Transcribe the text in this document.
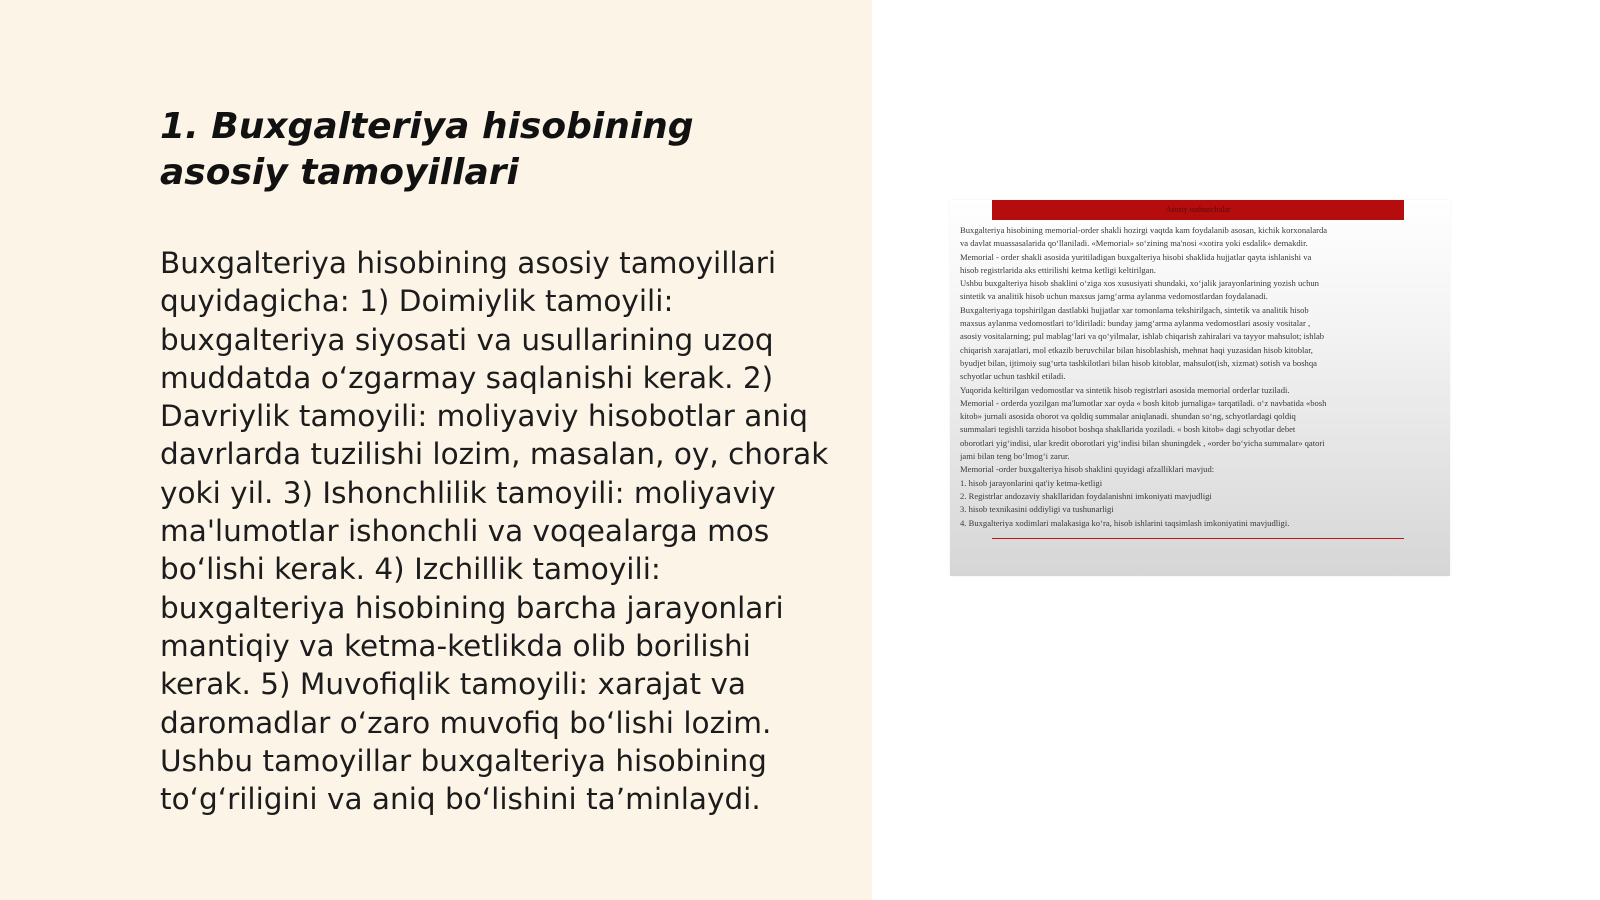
1. Buxgalteriya hisobining asosiy tamoyillari

Buxgalteriya hisobining asosiy tamoyillari quyidagicha: 1) Doimiylik tamoyili: buxgalteriya siyosati va usullarining uzoq muddatda o‘zgarmay saqlanishi kerak. 2) Davriylik tamoyili: moliyaviy hisobotlar aniq davrlarda tuzilishi lozim, masalan, oy, chorak yoki yil. 3) Ishonchlilik tamoyili: moliyaviy ma'lumotlar ishonchli va voqealarga mos bo‘lishi kerak. 4) Izchillik tamoyili: buxgalteriya hisobining barcha jarayonlari mantiqiy va ketma-ketlikda olib borilishi kerak. 5) Muvofiqlik tamoyili: xarajat va daromadlar o‘zaro muvofiq bo‘lishi lozim. Ushbu tamoyillar buxgalteriya hisobining to‘g‘riligini va aniq bo‘lishini ta’minlaydi.

Asosiy tushunchalar
Buxgalteriya hisobining memorial-order shakli hozirgi vaqtda kam foydalanib asosan, kichik korxonalarda
va davlat muassasalarida qo‘llaniladi. «Memorial» so‘zining ma'nosi «xotira yoki esdalik» demakdir.
Memorial - order shakli asosida yuritiladigan buxgalteriya hisobi shaklida hujjatlar qayta ishlanishi va
hisob registrlarida aks ettirilishi ketma ketligi keltirilgan.
Ushbu buxgalteriya hisob shaklini o‘ziga xos xususiyati shundaki, xo‘jalik jarayonlarining yozish uchun
sintetik va analitik hisob uchun maxsus jamg‘arma aylanma vedomostlardan foydalanadi.
Buxgalteriyaga topshirilgan dastlabki hujjatlar xar tomonlama tekshirilgach, sintetik va analitik hisob
maxsus aylanma vedomostlari to‘ldiriladi: bunday jamg‘arma aylanma vedomostlari asosiy vositalar ,
asosiy vositalarning; pul mablag‘lari va qo‘yilmalar, ishlab chiqarish zahiralari va tayyor mahsulot; ishlab
chiqarish xarajatlari, mol etkazib beruvchilar bilan hisoblashish, mehnat haqi yuzasidan hisob kitoblar,
byudjet bilan, ijtimoiy sug‘urta tashkilotlari bilan hisob kitoblar, mahsulot(ish, xizmat) sotish va boshqa
schyotlar uchun tashkil etiladi.
Yuqorida keltirilgan vedomostlar va sintetik hisob registrlari asosida memorial orderlar tuziladi.
Memorial - orderda yozilgan ma'lumotlar xar oyda « bosh kitob jurnaliga» tarqatiladi. o‘z navbatida «bosh
kitob» jurnali asosida oborot va qoldiq summalar aniqlanadi. shundan so‘ng, schyotlardagi qoldiq
summalari tegishli tarzida hisobot boshqa shakllarida yoziladi. « bosh kitob» dagi schyotlar debet
oborotlari yig‘indisi, ular kredit oborotlari yig‘indisi bilan shuningdek , «order bo‘yicha summalar» qatori
jami bilan teng bo‘lmog‘i zarur.
Memorial -order buxgalteriya hisob shaklini quyidagi afzalliklari mavjud:
1. hisob jarayonlarini qat'iy ketma-ketligi
2. Registrlar andozaviy shakllaridan foydalanishni imkoniyati mavjudligi
3. hisob texnikasini oddiyligi va tushunarligi
4. Buxgalteriya xodimlari malakasiga ko‘ra, hisob ishlarini taqsimlash imkoniyatini mavjudligi.
